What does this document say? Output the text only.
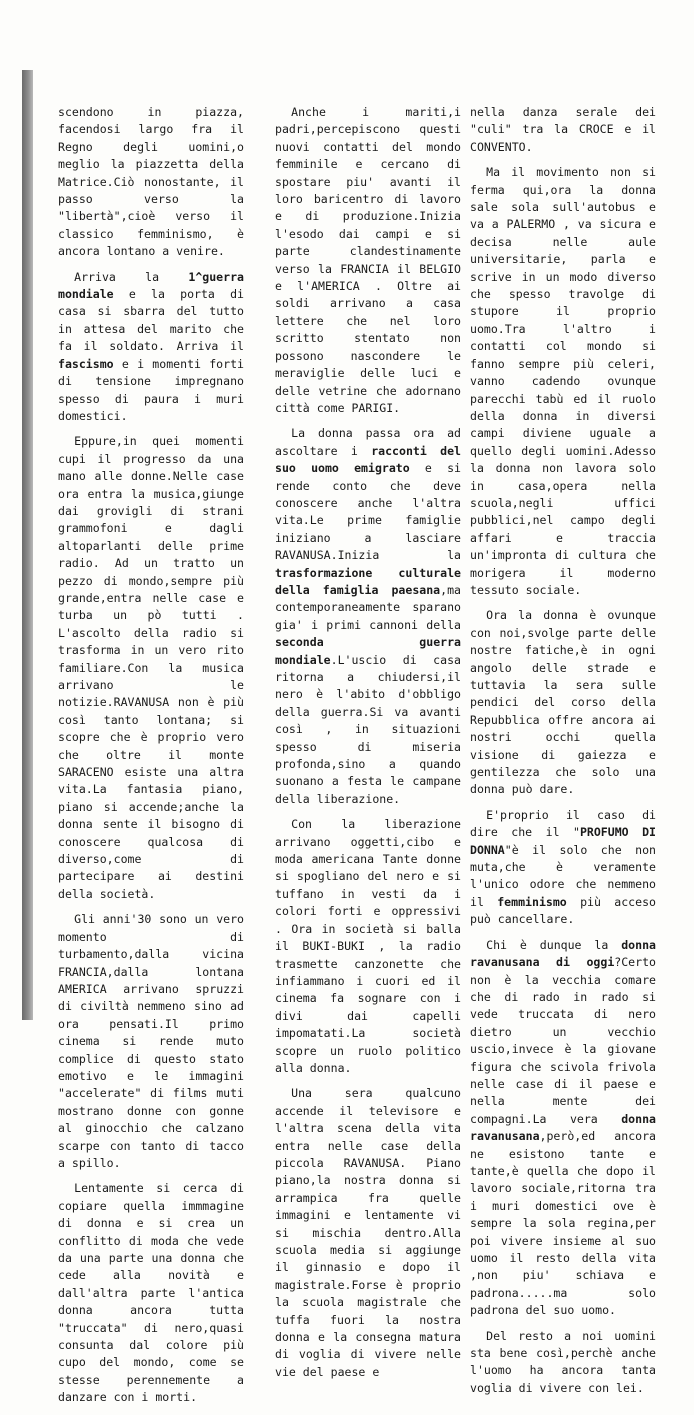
scendono in piazza, facendosi largo fra il Regno degli uomini,o meglio la piazzetta della Matrice.Ciò nonostante, il passo verso la "libertà",cioè verso il classico femminismo, è ancora lontano a venire.

Arriva la 1^guerra mondiale e la porta di casa si sbarra del tutto in attesa del marito che fa il soldato. Arriva il fascismo e i momenti forti di tensione impregnano spesso di paura i muri domestici.

Eppure,in quei momenti cupi il progresso da una mano alle donne.Nelle case ora entra la musica,giunge dai grovigli di strani grammofoni e dagli altoparlanti delle prime radio. Ad un tratto un pezzo di mondo,sempre più grande,entra nelle case e turba un pò tutti . L'ascolto della radio si trasforma in un vero rito familiare.Con la musica arrivano le notizie.RAVANUSA non è più così tanto lontana; si scopre che è proprio vero che oltre il monte SARACENO esiste una altra vita.La fantasia piano, piano si accende;anche la donna sente il bisogno di conoscere qualcosa di diverso,come di partecipare ai destini della società.

Gli anni'30 sono un vero momento di turbamento,dalla vicina FRANCIA,dalla lontana AMERICA arrivano spruzzi di civiltà nemmeno sino ad ora pensati.Il primo cinema si rende muto complice di questo stato emotivo e le immagini "accelerate" di films muti mostrano donne con gonne al ginocchio che calzano scarpe con tanto di tacco a spillo.

Lentamente si cerca di copiare quella immmagine di donna e si crea un conflitto di moda che vede da una parte una donna che cede alla novità e dall'altra parte l'antica donna ancora tutta "truccata" di nero,quasi consunta dal colore più cupo del mondo, come se stesse perennemente a danzare con i morti.

Anche i mariti,i padri,percepiscono questi nuovi contatti del mondo femminile e cercano di spostare piu' avanti il loro baricentro di lavoro e di produzione.Inizia l'esodo dai campi e si parte clandestinamente verso la FRANCIA il BELGIO e l'AMERICA . Oltre ai soldi arrivano a casa lettere che nel loro scritto stentato non possono nascondere le meraviglie delle luci e delle vetrine che adornano città come PARIGI.

La donna passa ora ad ascoltare i racconti del suo uomo emigrato e si rende conto che deve conoscere anche l'altra vita.Le prime famiglie iniziano a lasciare RAVANUSA.Inizia la trasformazione culturale della famiglia paesana,ma contemporaneamente sparano gia' i primi cannoni della seconda guerra mondiale.L'uscio di casa ritorna a chiudersi,il nero è l'abito d'obbligo della guerra.Si va avanti così , in situazioni spesso di miseria profonda,sino a quando suonano a festa le campane della liberazione.

Con la liberazione arrivano oggetti,cibo e moda americana Tante donne si spogliano del nero e si tuffano in vesti da i colori forti e oppressivi . Ora in società si balla il BUKI-BUKI , la radio trasmette canzonette che infiammano i cuori ed il cinema fa sognare con i divi dai capelli impomatati.La società scopre un ruolo politico alla donna.

Una sera qualcuno accende il televisore e l'altra scena della vita entra nelle case della piccola RAVANUSA. Piano piano,la nostra donna si arrampica fra quelle immagini e lentamente vi si mischia dentro.Alla scuola media si aggiunge il ginnasio e dopo il magistrale.Forse è proprio la scuola magistrale che tuffa fuori la nostra donna e la consegna matura di voglia di vivere nelle vie del paese e

nella danza serale dei "culi" tra la CROCE e il CONVENTO.

Ma il movimento non si ferma qui,ora la donna sale sola sull'autobus e va a PALERMO , va sicura e decisa nelle aule universitarie, parla e scrive in un modo diverso che spesso travolge di stupore il proprio uomo.Tra l'altro i contatti col mondo si fanno sempre più celeri, vanno cadendo ovunque parecchi tabù ed il ruolo della donna in diversi campi diviene uguale a quello degli uomini.Adesso la donna non lavora solo in casa,opera nella scuola,negli uffici pubblici,nel campo degli affari e traccia un'impronta di cultura che morigera il moderno tessuto sociale.

Ora la donna è ovunque con noi,svolge parte delle nostre fatiche,è in ogni angolo delle strade e tuttavia la sera sulle pendici del corso della Repubblica offre ancora ai nostri occhi quella visione di gaiezza e gentilezza che solo una donna può dare.

E'proprio il caso di dire che il "PROFUMO DI DONNA"è il solo che non muta,che è veramente l'unico odore che nemmeno il femminismo più acceso può cancellare.

Chi è dunque la donna ravanusana di oggi?Certo non è la vecchia comare che di rado in rado si vede truccata di nero dietro un vecchio uscio,invece è la giovane figura che scivola frivola nelle case di il paese e nella mente dei compagni.La vera donna ravanusana,però,ed ancora ne esistono tante e tante,è quella che dopo il lavoro sociale,ritorna tra i muri domestici ove è sempre la sola regina,per poi vivere insieme al suo uomo il resto della vita ,non piu' schiava e padrona.....ma solo padrona del suo uomo.

Del resto a noi uomini sta bene così,perchè anche l'uomo ha ancora tanta voglia di vivere con lei.
